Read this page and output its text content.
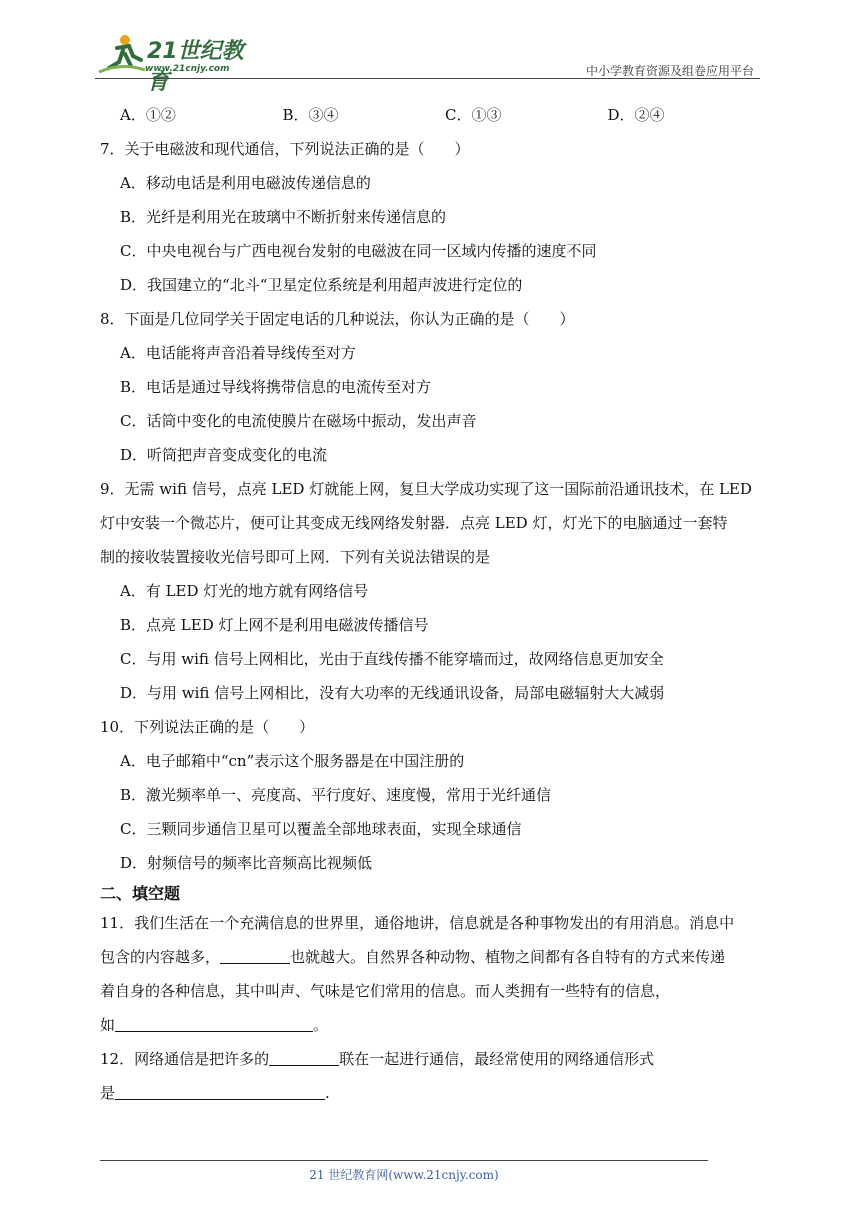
21世纪教育
www.21cnjy.com	中小学教育资源及组卷应用平台
A．①②	B．③④	C．①③	D．②④
7．关于电磁波和现代通信，下列说法正确的是（　　）
A．移动电话是利用电磁波传递信息的
B．光纤是利用光在玻璃中不断折射来传递信息的
C．中央电视台与广西电视台发射的电磁波在同一区域内传播的速度不同
D．我国建立的“北斗“卫星定位系统是利用超声波进行定位的
8．下面是几位同学关于固定电话的几种说法，你认为正确的是（　　）
A．电话能将声音沿着导线传至对方
B．电话是通过导线将携带信息的电流传至对方
C．话筒中变化的电流使膜片在磁场中振动，发出声音
D．听筒把声音变成变化的电流
9．无需 wifi 信号，点亮 LED 灯就能上网，复旦大学成功实现了这一国际前沿通讯技术，在 LED
灯中安装一个微芯片，便可让其变成无线网络发射器．点亮 LED 灯，灯光下的电脑通过一套特
制的接收装置接收光信号即可上网．下列有关说法错误的是
A．有 LED 灯光的地方就有网络信号
B．点亮 LED 灯上网不是利用电磁波传播信号
C．与用 wifi 信号上网相比，光由于直线传播不能穿墙而过，故网络信息更加安全
D．与用 wifi 信号上网相比，没有大功率的无线通讯设备，局部电磁辐射大大减弱
10．下列说法正确的是（　　）
A．电子邮箱中“cn”表示这个服务器是在中国注册的
B．激光频率单一、亮度高、平行度好、速度慢，常用于光纤通信
C．三颗同步通信卫星可以覆盖全部地球表面，实现全球通信
D．射频信号的频率比音频高比视频低
二、填空题
11．我们生活在一个充满信息的世界里，通俗地讲，信息就是各种事物发出的有用消息。消息中
包含的内容越多，	也就越大。自然界各种动物、植物之间都有各自特有的方式来传递
着自身的各种信息，其中叫声、气味是它们常用的信息。而人类拥有一些特有的信息，
如	。
12．网络通信是把许多的	联在一起进行通信，最经常使用的网络通信形式
是	.
21 世纪教育网(www.21cnjy.com)
